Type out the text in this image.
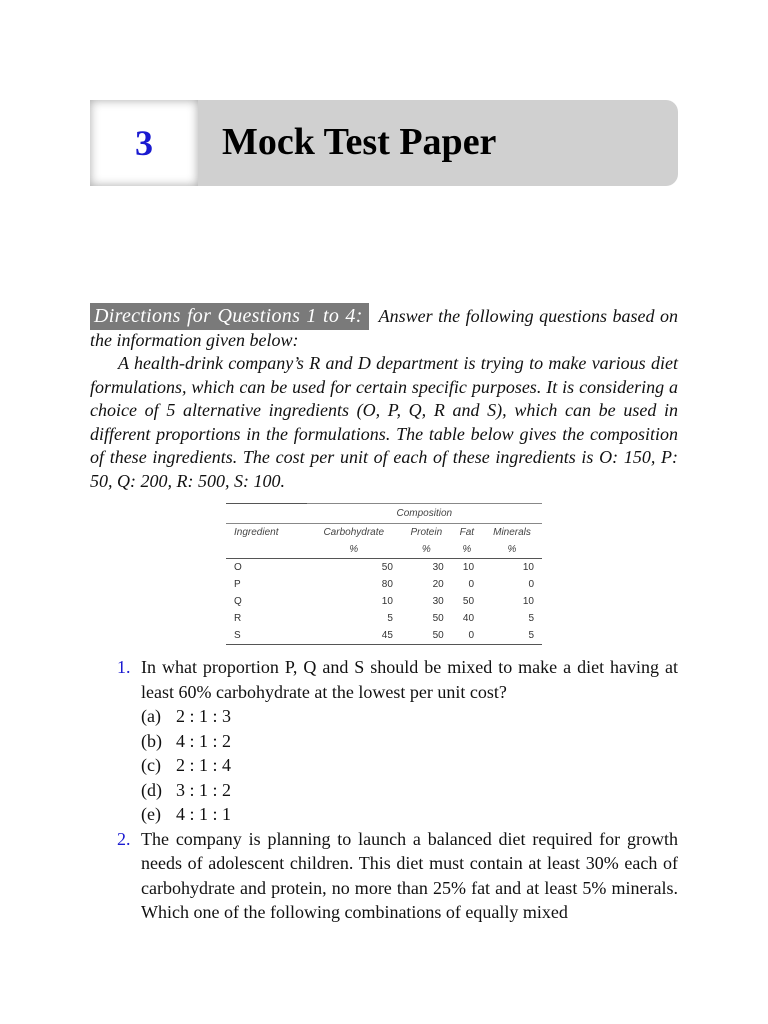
3 Mock Test Paper
Directions for Questions 1 to 4: Answer the following questions based on the information given below:

A health-drink company’s R and D department is trying to make various diet formulations, which can be used for certain specific purposes. It is considering a choice of 5 alternative ingredients (O, P, Q, R and S), which can be used in different proportions in the formulations. The table below gives the composition of these ingredients. The cost per unit of each of these ingredients is O: 150, P: 50, Q: 200, R: 500, S: 100.

	Composition			
Ingredient	Carbohydrate	Protein	Fat	Minerals
	%	%	%	%
O	50	30	10	10
P	80	20	0	0
Q	10	30	50	10
R	5	50	40	5
S	45	50	0	5
1. In what proportion P, Q and S should be mixed to make a diet having at least 60% carbohydrate at the lowest per unit cost?
(a) 2 : 1 : 3
(b) 4 : 1 : 2
(c) 2 : 1 : 4
(d) 3 : 1 : 2
(e) 4 : 1 : 1
2. The company is planning to launch a balanced diet required for growth needs of adolescent children. This diet must contain at least 30% each of carbohydrate and protein, no more than 25% fat and at least 5% minerals. Which one of the following combinations of equally mixed
